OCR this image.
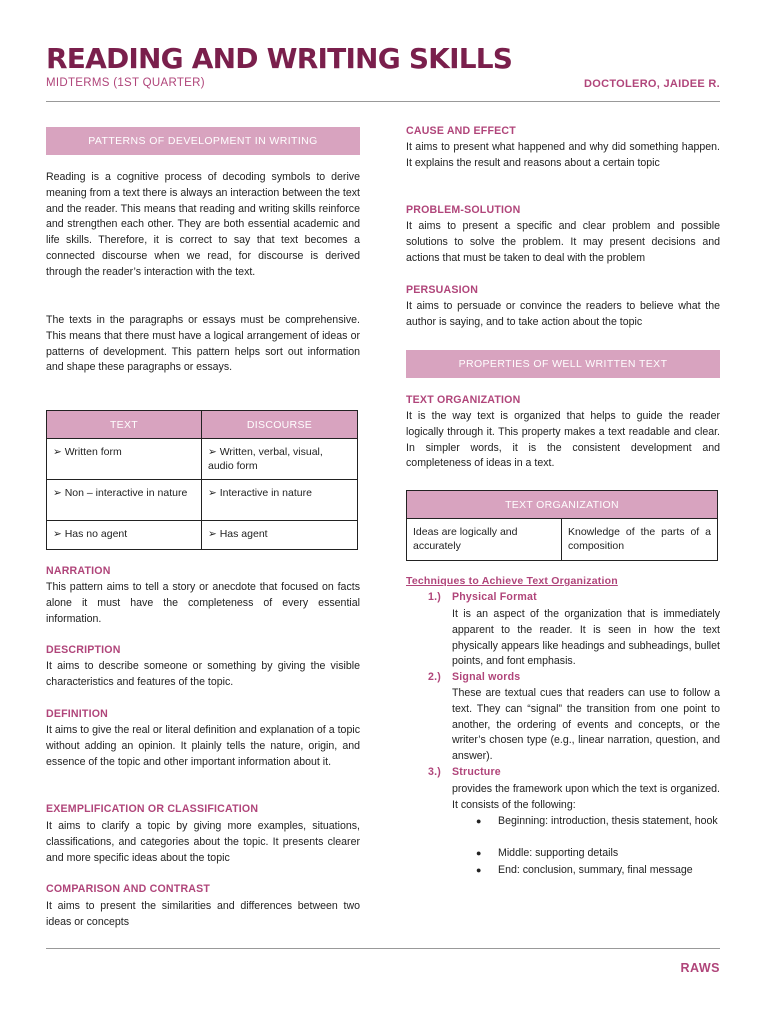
READING AND WRITING SKILLS
MIDTERMS (1ST QUARTER)	DOCTOLERO, JAIDEE R.
PATTERNS OF DEVELOPMENT IN WRITING
Reading is a cognitive process of decoding symbols to derive meaning from a text there is always an interaction between the text and the reader. This means that reading and writing skills reinforce and strengthen each other. They are both essential academic and life skills. Therefore, it is correct to say that text becomes a connected discourse when we read, for discourse is derived through the reader’s interaction with the text.
The texts in the paragraphs or essays must be comprehensive. This means that there must have a logical arrangement of ideas or patterns of development. This pattern helps sort out information and shape these paragraphs or essays.
TEXT	DISCOURSE
➢ Written form	➢ Written, verbal, visual, audio form
➢ Non – interactive in nature	➢ Interactive in nature
➢ Has no agent	➢ Has agent
NARRATION
This pattern aims to tell a story or anecdote that focused on facts alone it must have the completeness of every essential information.
DESCRIPTION
It aims to describe someone or something by giving the visible characteristics and features of the topic.
DEFINITION
It aims to give the real or literal definition and explanation of a topic without adding an opinion. It plainly tells the nature, origin, and essence of the topic and other important information about it.
EXEMPLIFICATION OR CLASSIFICATION
It aims to clarify a topic by giving more examples, situations, classifications, and categories about the topic. It presents clearer and more specific ideas about the topic
COMPARISON AND CONTRAST
It aims to present the similarities and differences between two ideas or concepts
CAUSE AND EFFECT
It aims to present what happened and why did something happen. It explains the result and reasons about a certain topic
PROBLEM-SOLUTION
It aims to present a specific and clear problem and possible solutions to solve the problem. It may present decisions and actions that must be taken to deal with the problem
PERSUASION
It aims to persuade or convince the readers to believe what the author is saying, and to take action about the topic
PROPERTIES OF WELL WRITTEN TEXT
TEXT ORGANIZATION
It is the way text is organized that helps to guide the reader logically through it. This property makes a text readable and clear. In simpler words, it is the consistent development and completeness of ideas in a text.
TEXT ORGANIZATION
Ideas are logically and accurately	Knowledge of the parts of a composition
Techniques to Achieve Text Organization
1.) Physical Format
It is an aspect of the organization that is immediately apparent to the reader. It is seen in how the text physically appears like headings and subheadings, bullet points, and font emphasis.
2.) Signal words
These are textual cues that readers can use to follow a text. They can “signal” the transition from one point to another, the ordering of events and concepts, or the writer’s chosen type (e.g., linear narration, question, and answer).
3.) Structure
provides the framework upon which the text is organized. It consists of the following:
● Beginning: introduction, thesis statement, hook
● Middle: supporting details
● End: conclusion, summary, final message
RAWS
